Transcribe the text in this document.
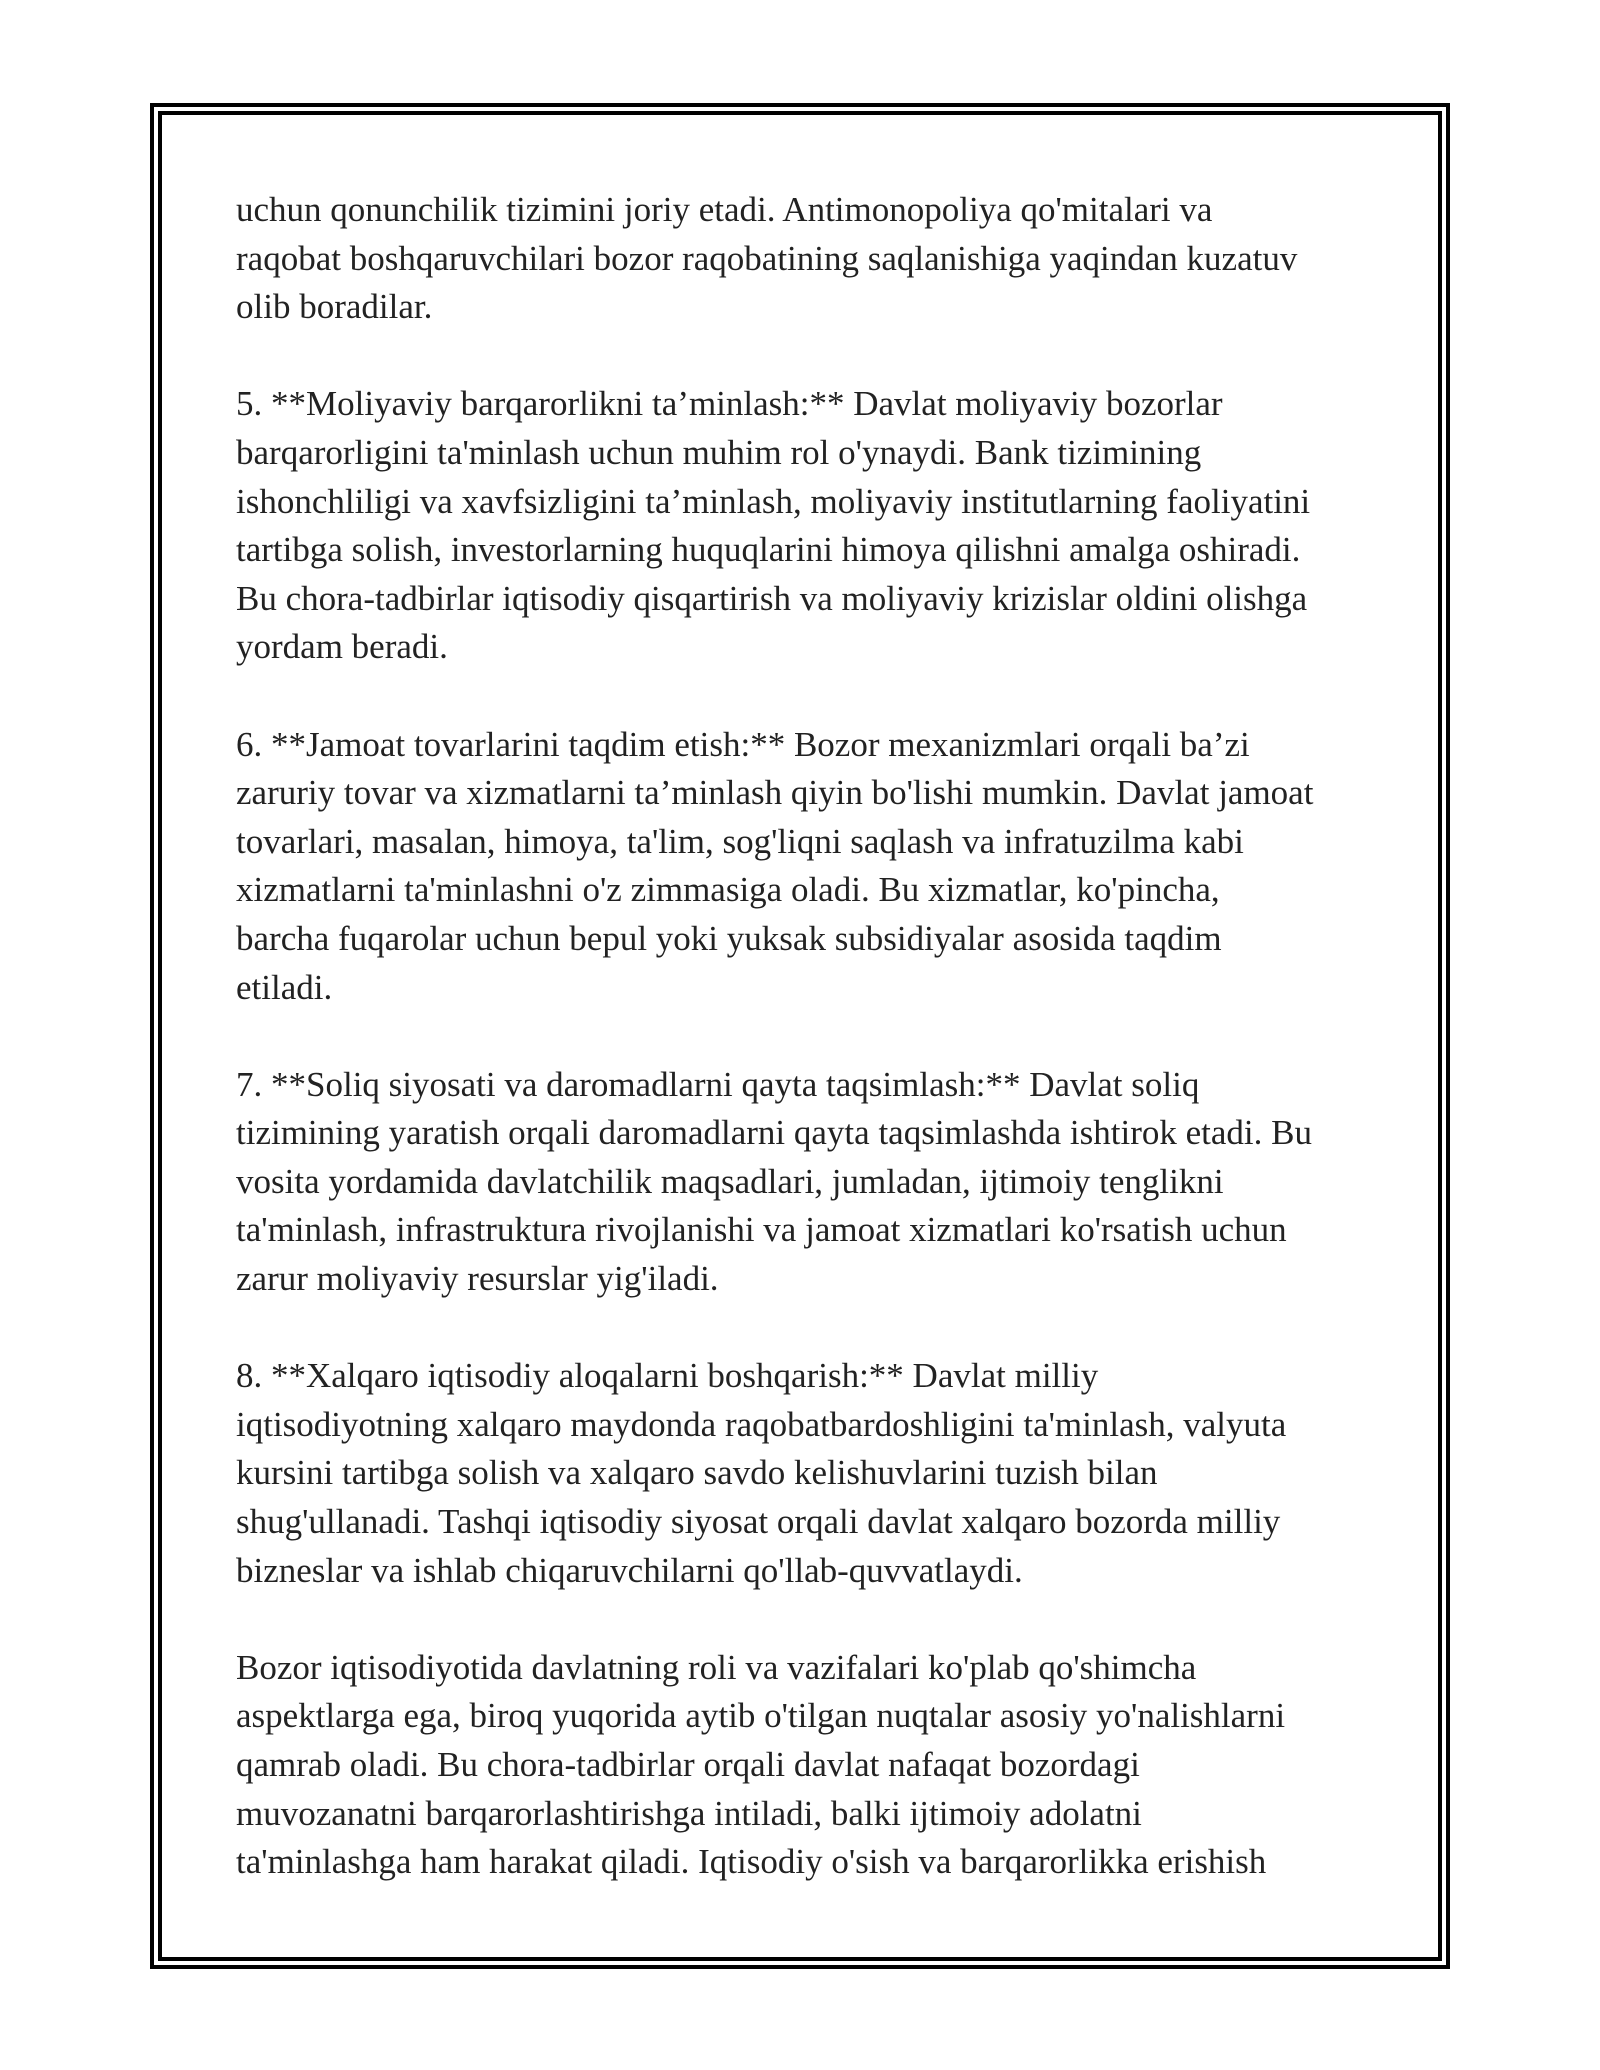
uchun qonunchilik tizimini joriy etadi. Antimonopoliya qo'mitalari va
raqobat boshqaruvchilari bozor raqobatining saqlanishiga yaqindan kuzatuv
olib boradilar.

5. **Moliyaviy barqarorlikni ta’minlash:** Davlat moliyaviy bozorlar
barqarorligini ta'minlash uchun muhim rol o'ynaydi. Bank tizimining
ishonchliligi va xavfsizligini ta’minlash, moliyaviy institutlarning faoliyatini
tartibga solish, investorlarning huquqlarini himoya qilishni amalga oshiradi.
Bu chora-tadbirlar iqtisodiy qisqartirish va moliyaviy krizislar oldini olishga
yordam beradi.

6. **Jamoat tovarlarini taqdim etish:** Bozor mexanizmlari orqali ba’zi
zaruriy tovar va xizmatlarni ta’minlash qiyin bo'lishi mumkin. Davlat jamoat
tovarlari, masalan, himoya, ta'lim, sog'liqni saqlash va infratuzilma kabi
xizmatlarni ta'minlashni o'z zimmasiga oladi. Bu xizmatlar, ko'pincha,
barcha fuqarolar uchun bepul yoki yuksak subsidiyalar asosida taqdim
etiladi.

7. **Soliq siyosati va daromadlarni qayta taqsimlash:** Davlat soliq
tizimining yaratish orqali daromadlarni qayta taqsimlashda ishtirok etadi. Bu
vosita yordamida davlatchilik maqsadlari, jumladan, ijtimoiy tenglikni
ta'minlash, infrastruktura rivojlanishi va jamoat xizmatlari ko'rsatish uchun
zarur moliyaviy resurslar yig'iladi.

8. **Xalqaro iqtisodiy aloqalarni boshqarish:** Davlat milliy
iqtisodiyotning xalqaro maydonda raqobatbardoshligini ta'minlash, valyuta
kursini tartibga solish va xalqaro savdo kelishuvlarini tuzish bilan
shug'ullanadi. Tashqi iqtisodiy siyosat orqali davlat xalqaro bozorda milliy
bizneslar va ishlab chiqaruvchilarni qo'llab-quvvatlaydi.

Bozor iqtisodiyotida davlatning roli va vazifalari ko'plab qo'shimcha
aspektlarga ega, biroq yuqorida aytib o'tilgan nuqtalar asosiy yo'nalishlarni
qamrab oladi. Bu chora-tadbirlar orqali davlat nafaqat bozordagi
muvozanatni barqarorlashtirishga intiladi, balki ijtimoiy adolatni
ta'minlashga ham harakat qiladi. Iqtisodiy o'sish va barqarorlikka erishish
